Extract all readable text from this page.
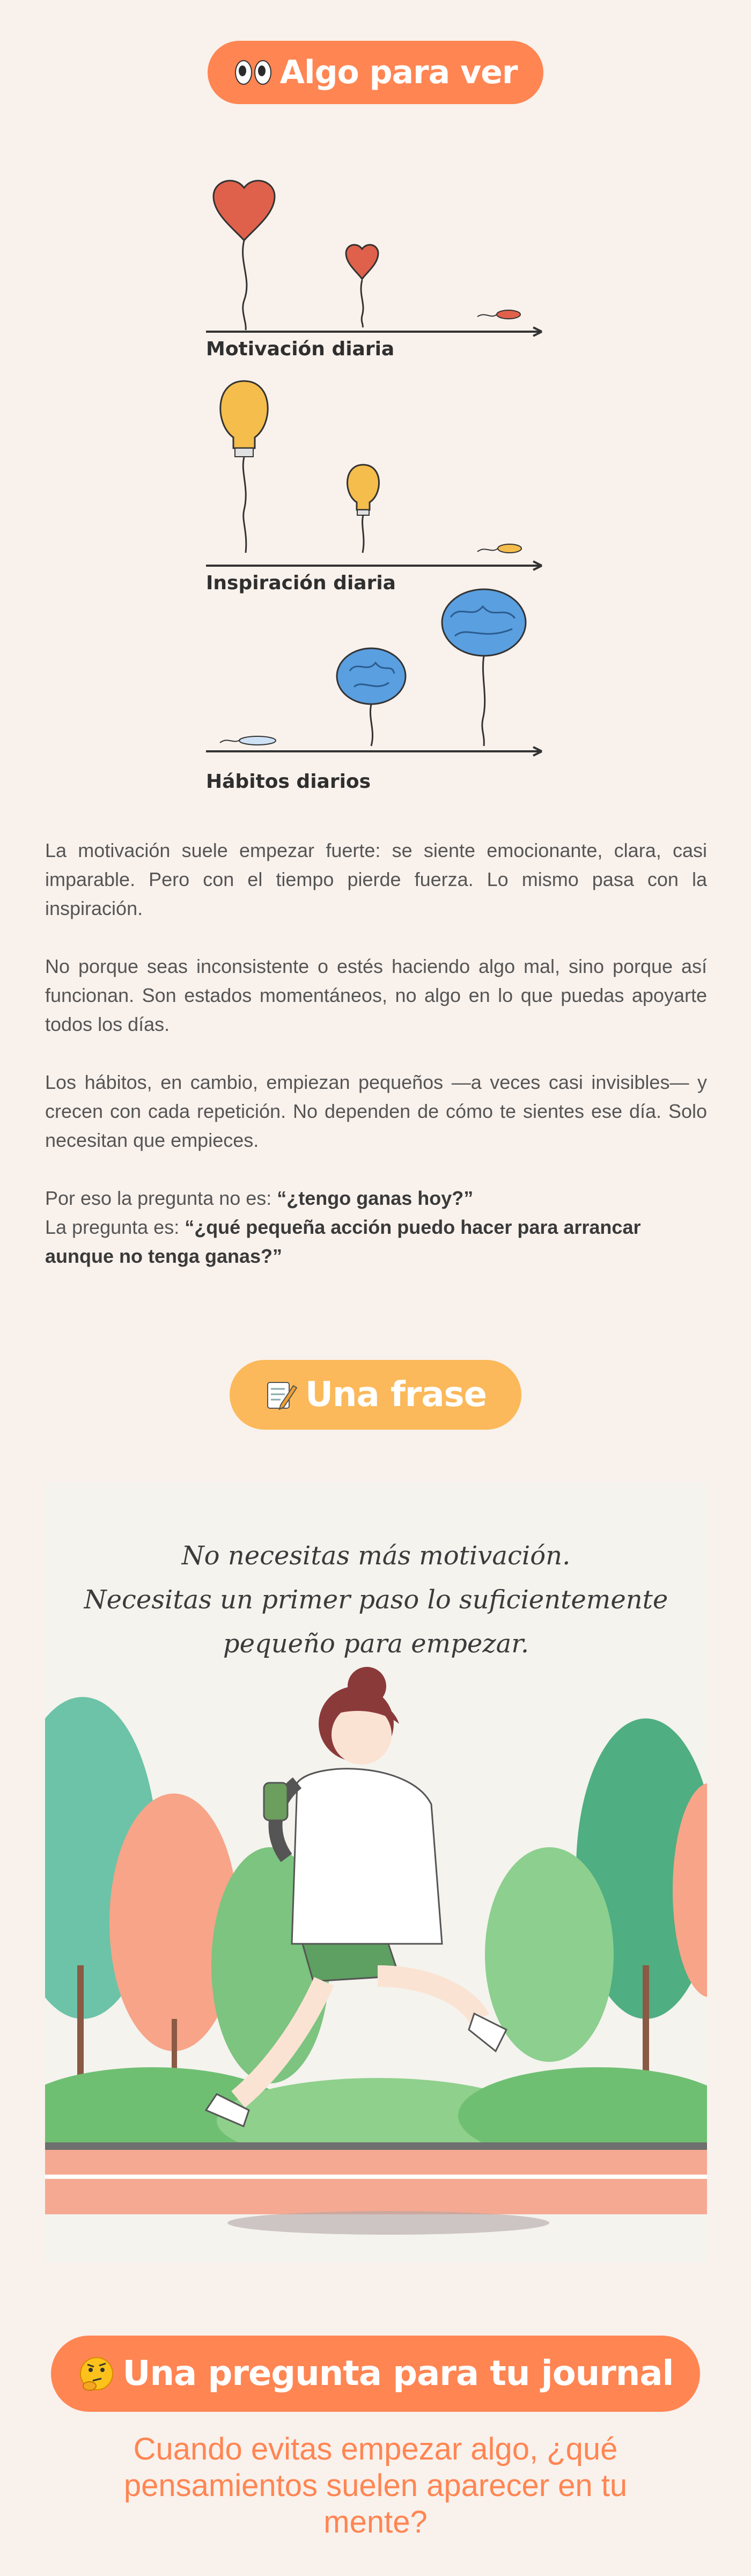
Algo para ver
Motivación diaria
Inspiración diaria
Hábitos diarios

La motivación suele empezar fuerte: se siente emocionante, clara, casi imparable. Pero con el tiempo pierde fuerza. Lo mismo pasa con la inspiración.

No porque seas inconsistente o estés haciendo algo mal, sino porque así funcionan. Son estados momentáneos, no algo en lo que puedas apoyarte todos los días.

Los hábitos, en cambio, empiezan pequeños —a veces casi invisibles— y crecen con cada repetición. No dependen de cómo te sientes ese día. Solo necesitan que empieces.

Por eso la pregunta no es: “¿tengo ganas hoy?”
La pregunta es: “¿qué pequeña acción puedo hacer para arrancar aunque no tenga ganas?”

Una frase
No necesitas más motivación.
Necesitas un primer paso lo suficientemente
pequeño para empezar.
Una pregunta para tu journal
Cuando evitas empezar algo, ¿qué pensamientos suelen aparecer en tu mente?
